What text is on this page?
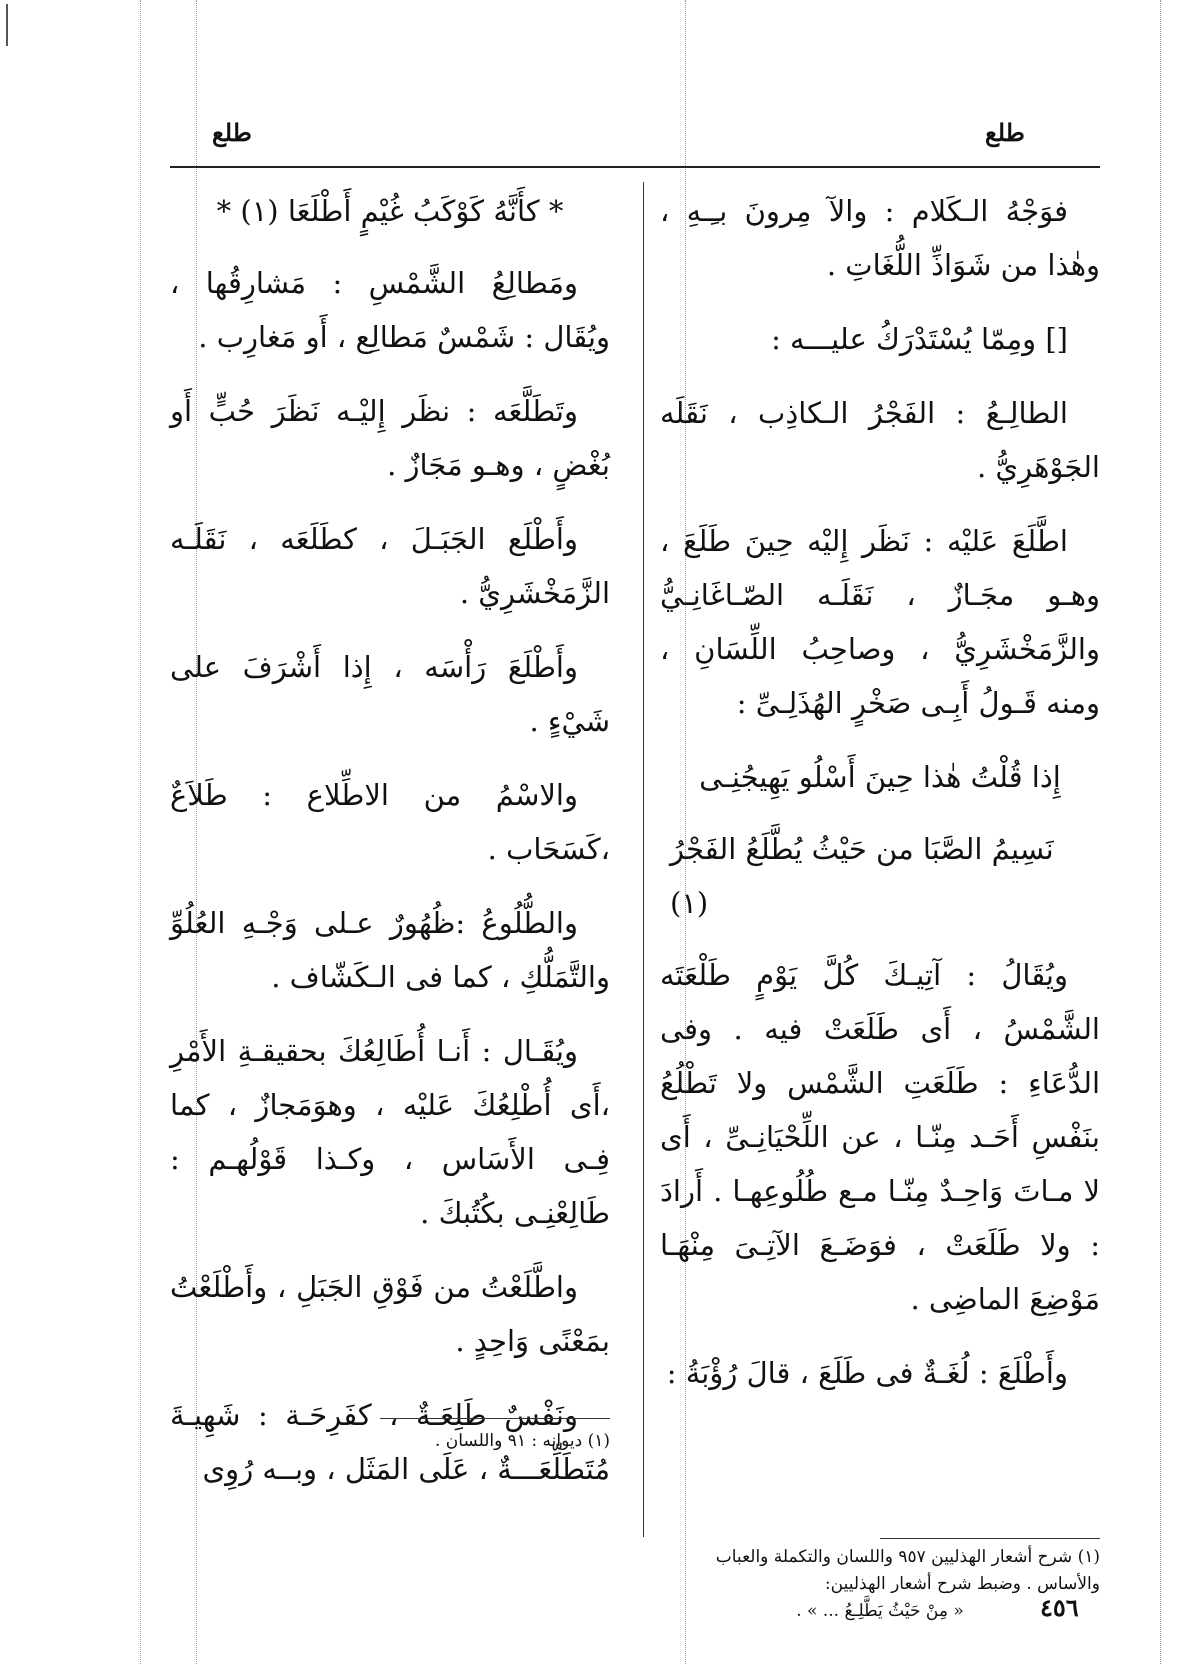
طلع	طلع

فوَجْهُ الـكَلام : والآ مِرونَ بـِـهِ ، وهٰذا من شَوَاذِّ اللُّغَاتِ .

[] ومِمّا يُسْتَدْرَكُ عليـــه :

الطالِـعُ : الفَجْرُ الـكاذِب ، نَقَلَه الجَوْهَرِيُّ .

اطَّلَعَ عَليْه : نَظَر إِليْه حِينَ طَلَعَ ، وهـو مجَـازٌ ، نَقَلَـه الصّـاغَانِـيُّ والزَّمَخْشَرِيُّ ، وصاحِبُ اللِّسَانِ ، ومنه قَـولُ أَبِـى صَخْرٍ الهُذَلِـىِّ :

إِذا قُلْتُ هٰذا حِينَ أَسْلُو يَهِيجُنِـى
نَسِيمُ الصَّبَا من حَيْثُ يُطَّلَعُ الفَجْرُ (١)

ويُقَالُ : آتِيـكَ كُلَّ يَوْمٍ طَلْعَتَه الشَّمْسُ ، أَى طَلَعَتْ فيه . وفى الدُّعَاءِ : طَلَعَتِ الشَّمْس ولا تَطْلُعُ بنَفْسِ أَحَـد مِنّـا ، عن اللِّحْيَانِـىِّ ، أَى لا مـاتَ وَاحِـدٌ مِنّـا مـع طُلُوعِهـا . أَرادَ : ولا طَلَعَتْ ، فوَضَـعَ الآتِـىَ مِنْهَـا مَوْضِعَ الماضِى .

وأَطْلَعَ : لُغَـةٌ فى طَلَعَ ، قالَ رُؤْبَةُ :

(١) شرح أشعار الهذليين ٩٥٧ واللسان والتكملة والعباب والأساس . وضبط شرح أشعار الهذليين:
« مِنْ حَيْثُ يَطَّلِـعُ ... » .
* كأَنَّهُ كَوْكَبُ غُيْمٍ أَطْلَعَا (١) *

ومَطالِعُ الشَّمْسِ : مَشارِقُها ، ويُقَال : شَمْسٌ مَطالِع ، أَو مَغارِب .

وتَطَلَّعَه : نظَر إِليْـه نَظَرَ حُبٍّ أَو بُغْضٍ ، وهـو مَجَازٌ .

وأَطْلَع الجَبَـلَ ، كطَلَعَه ، نَقَلَـه الزَّمَخْشَرِيُّ .

وأَطْلَعَ رَأْسَه ، إِذا أَشْرَفَ على شَيْءٍ .

والاسْمُ من الاطِّلاع : طَلاَعٌ ،كَسَحَاب .

والطُّلُوعُ :ظُهُورٌ عـلى وَجْـهِ العُلُوِّ والتَّمَلُّكِ ، كما فى الـكَشّاف .

ويُقَـال : أَنـا أُطَالِعُكَ بحقيقـةِ الأَمْرِ ،أَى أُطْلِعُكَ عَليْه ، وهوَمَجازٌ ، كما فِـى الأَسَاس ، وكـذا قَوْلُهـم : طَالِعْنِـى بكُتُبكَ .

واطَّلَعْتُ من فَوْقِ الجَبَلِ ، وأَطْلَعْتُ بمَعْنًى وَاحِدٍ .

ونَفْسٌ طَلِعَـةٌ ، كفَرِحَـة : شَهِيـةَ مُتَطَلِّعَـــةٌ ، عَلَى المَثَل ، وبــه رُوِى

(١) ديوانه : ٩١ واللسان .
٤٥٦
